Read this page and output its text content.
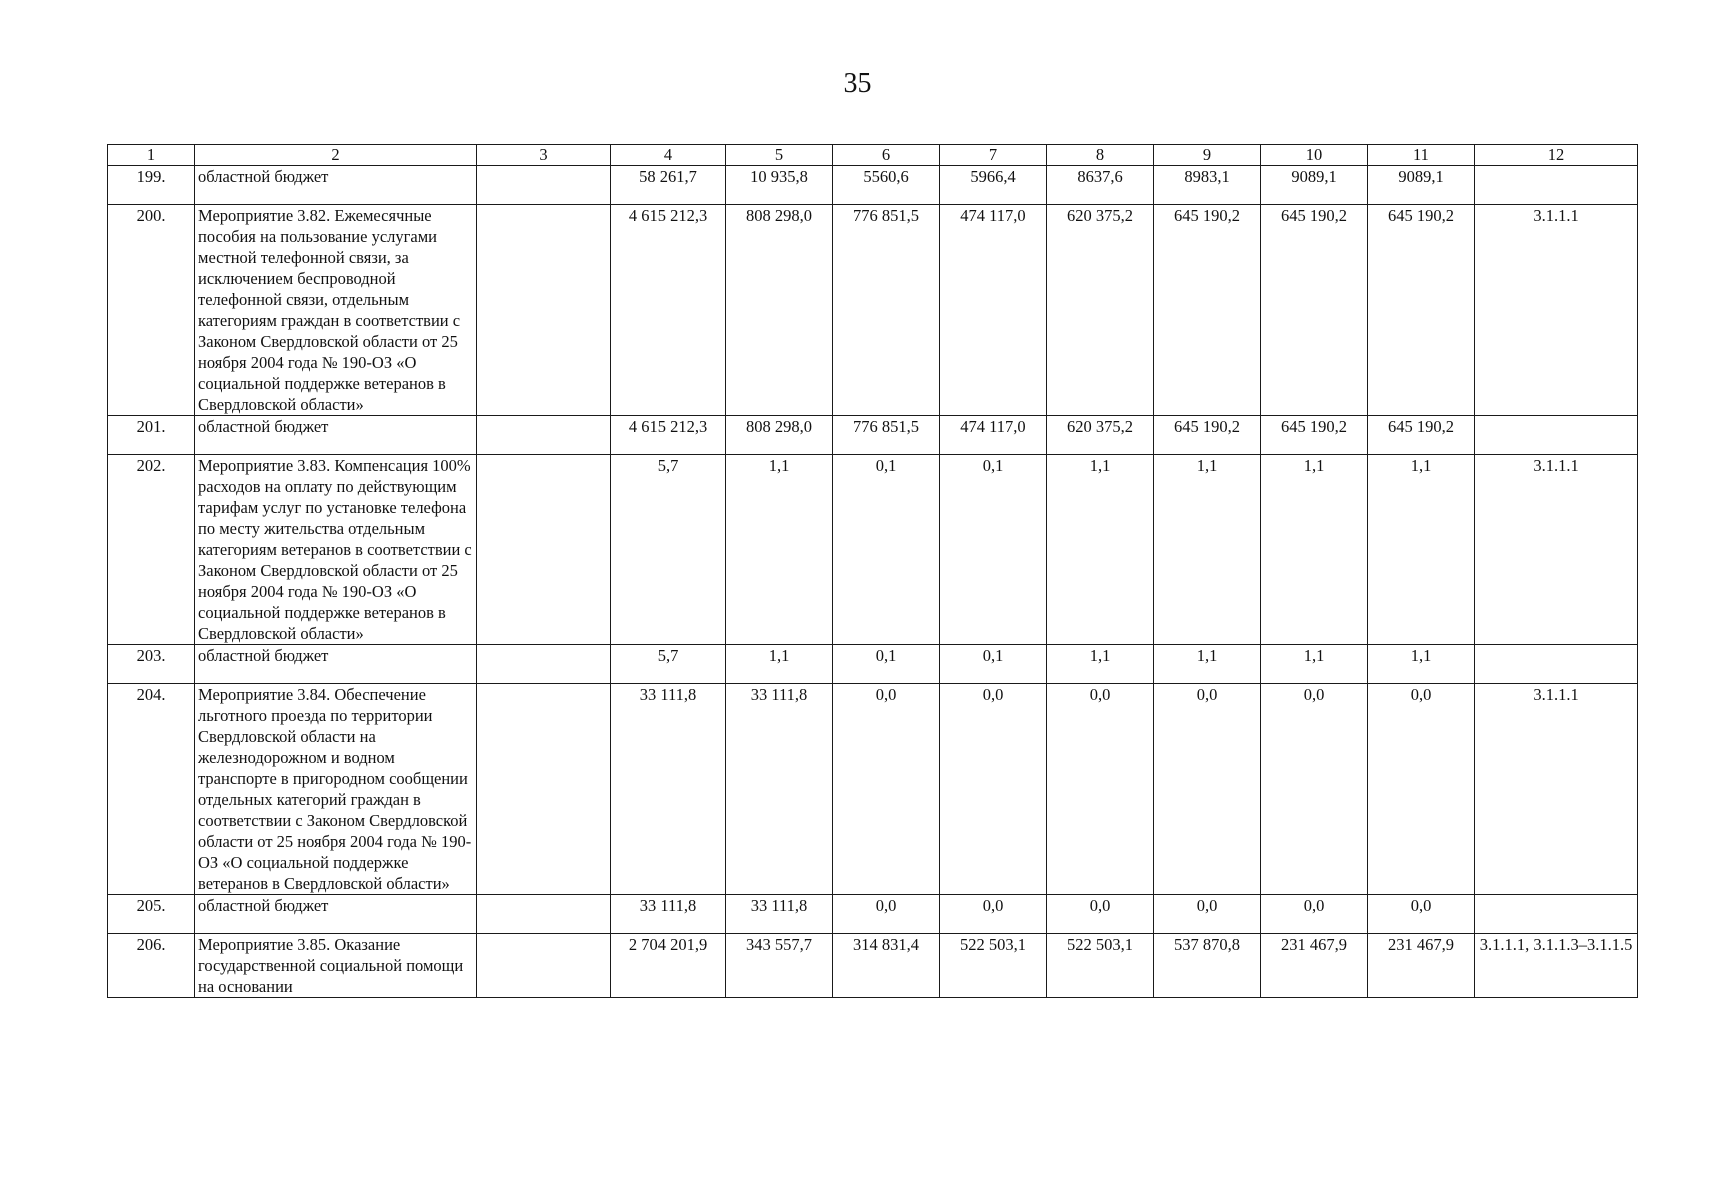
35
1	2	3	4	5	6	7	8	9	10	11	12
199.	областной бюджет		58 261,7	10 935,8	5560,6	5966,4	8637,6	8983,1	9089,1	9089,1	
200.	Мероприятие 3.82. Ежемесячные пособия на пользование услугами местной телефонной связи, за исключением беспроводной телефонной связи, отдельным категориям граждан в соответствии с Законом Свердловской области от 25 ноября 2004 года № 190-ОЗ «О социальной поддержке ветеранов в Свердловской области»		4 615 212,3	808 298,0	776 851,5	474 117,0	620 375,2	645 190,2	645 190,2	645 190,2	3.1.1.1
201.	областной бюджет		4 615 212,3	808 298,0	776 851,5	474 117,0	620 375,2	645 190,2	645 190,2	645 190,2	
202.	Мероприятие 3.83. Компенсация 100% расходов на оплату по действующим тарифам услуг по установке телефона по месту жительства отдельным категориям ветеранов в соответствии с Законом Свердловской области от 25 ноября 2004 года № 190-ОЗ «О социальной поддержке ветеранов в Свердловской области»		5,7	1,1	0,1	0,1	1,1	1,1	1,1	1,1	3.1.1.1
203.	областной бюджет		5,7	1,1	0,1	0,1	1,1	1,1	1,1	1,1	
204.	Мероприятие 3.84. Обеспечение льготного проезда по территории Свердловской области на железнодорожном и водном транспорте в пригородном сообщении отдельных категорий граждан в соответствии с Законом Свердловской области от 25 ноября 2004 года № 190-ОЗ «О социальной поддержке ветеранов в Свердловской области»		33 111,8	33 111,8	0,0	0,0	0,0	0,0	0,0	0,0	3.1.1.1
205.	областной бюджет		33 111,8	33 111,8	0,0	0,0	0,0	0,0	0,0	0,0	
206.	Мероприятие 3.85. Оказание государственной социальной помощи на основании		2 704 201,9	343 557,7	314 831,4	522 503,1	522 503,1	537 870,8	231 467,9	231 467,9	3.1.1.1, 3.1.1.3–3.1.1.5
